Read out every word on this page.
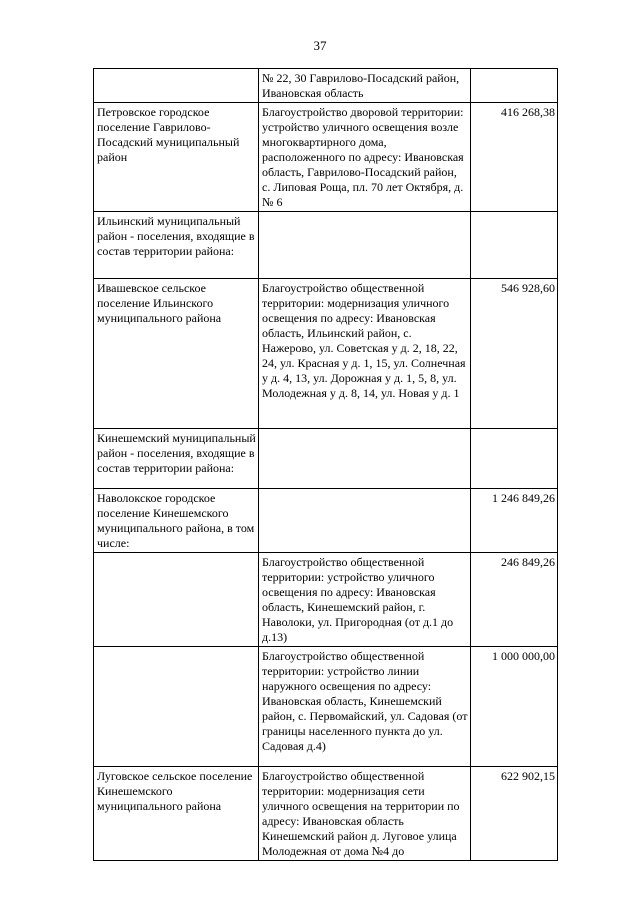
37
	№ 22, 30 Гаврилово-Посадский район, Ивановская область	
Петровское городское поселение Гаврилово-Посадский муниципальный район	Благоустройство дворовой территории: устройство уличного освещения возле многоквартирного дома, расположенного по адресу: Ивановская область, Гаврилово-Посадский район, с. Липовая Роща, пл. 70 лет Октября, д. № 6	416 268,38
Ильинский муниципальный район - поселения, входящие в состав территории района:		
Ивашевское сельское поселение Ильинского муниципального района	Благоустройство общественной территории: модернизация уличного освещения по адресу: Ивановская область, Ильинский район, с. Нажерово, ул. Советская у д. 2, 18, 22, 24, ул. Красная у д. 1, 15, ул. Солнечная у д. 4, 13, ул. Дорожная у д. 1, 5, 8, ул. Молодежная у д. 8, 14, ул. Новая у д. 1	546 928,60
Кинешемский муниципальный район - поселения, входящие в состав территории района:		
Наволокское городское поселение Кинешемского муниципального района, в том числе:		1 246 849,26
	Благоустройство общественной территории: устройство уличного освещения по адресу: Ивановская область, Кинешемский район, г. Наволоки, ул. Пригородная (от д.1 до д.13)	246 849,26
	Благоустройство общественной территории: устройство линии наружного освещения по адресу: Ивановская область, Кинешемский район, с. Первомайский, ул. Садовая (от границы населенного пункта до ул. Садовая д.4)	1 000 000,00
Луговское сельское поселение Кинешемского муниципального района	Благоустройство общественной территории: модернизация сети уличного освещения на территории по адресу: Ивановская область Кинешемский район д. Луговое улица Молодежная от дома №4 до	622 902,15
